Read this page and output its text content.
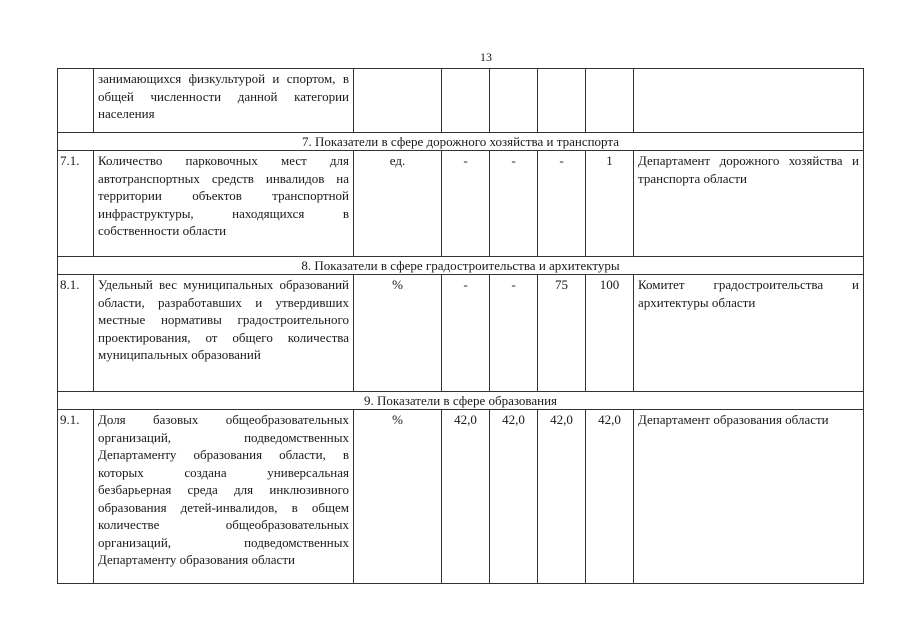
13
	занимающихся физкультурой и спортом, в общей численности данной категории населения						
7. Показатели в сфере дорожного хозяйства и транспорта							
7.1.	Количество парковочных мест для автотранспортных средств инвалидов на территории объектов транспортной инфраструктуры, находящихся в собственности области	ед.	-	-	-	1	Департамент дорожного хозяйства и транспорта области
8. Показатели в сфере градостроительства и архитектуры							
8.1.	Удельный вес муниципальных образований области, разработавших и утвердивших местные нормативы градостроительного проектирования, от общего количества муниципальных образований	%	-	-	75	100	Комитет градостроительства и архитектуры области
9. Показатели в сфере образования							
9.1.	Доля базовых общеобразовательных организаций, подведомственных Департаменту образования области, в которых создана универсальная безбарьерная среда для инклюзивного образования детей-инвалидов, в общем количестве общеобразовательных организаций, подведомственных Департаменту образования области	%	42,0	42,0	42,0	42,0	Департамент образования области
